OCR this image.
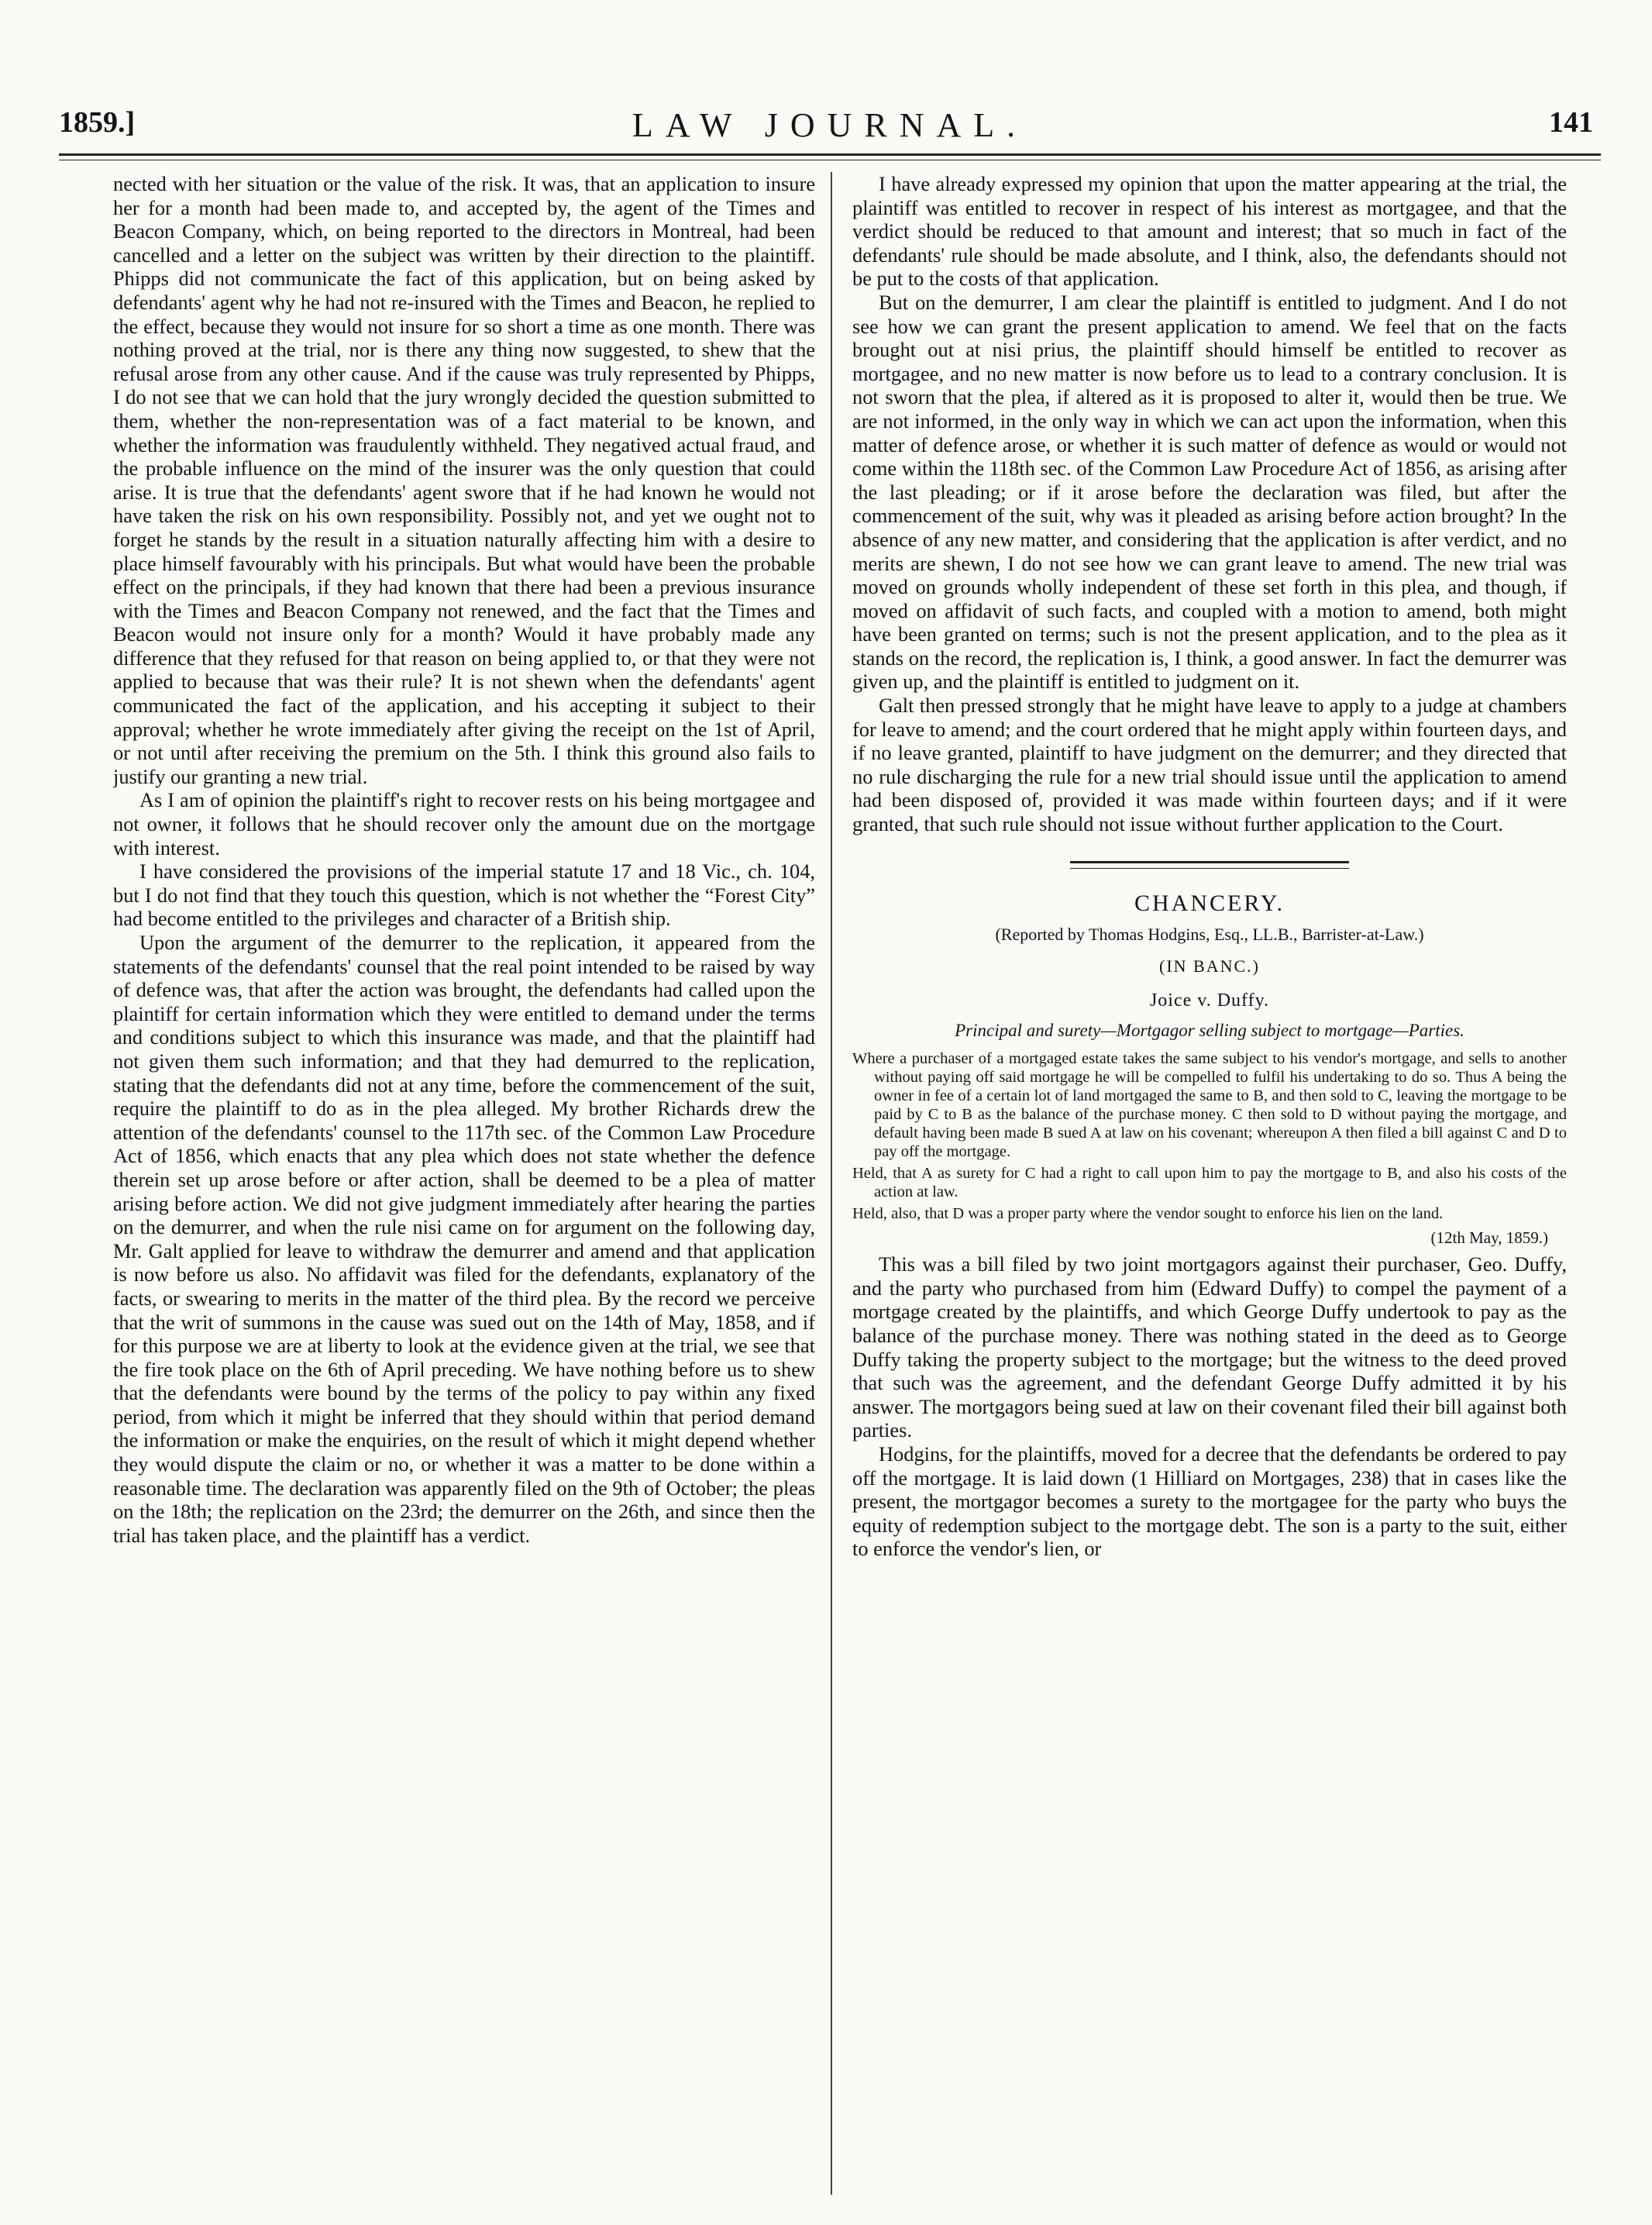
1859.]	LAW JOURNAL.	141

nected with her situation or the value of the risk. It was, that an application to insure her for a month had been made to, and accepted by, the agent of the Times and Beacon Company, which, on being reported to the directors in Montreal, had been cancelled and a letter on the subject was written by their direction to the plaintiff. Phipps did not communicate the fact of this application, but on being asked by defendants' agent why he had not re-insured with the Times and Beacon, he replied to the effect, because they would not insure for so short a time as one month. There was nothing proved at the trial, nor is there any thing now suggested, to shew that the refusal arose from any other cause. And if the cause was truly represented by Phipps, I do not see that we can hold that the jury wrongly decided the question submitted to them, whether the non-representation was of a fact material to be known, and whether the information was fraudulently withheld. They negatived actual fraud, and the probable influence on the mind of the insurer was the only question that could arise. It is true that the defendants' agent swore that if he had known he would not have taken the risk on his own responsibility. Possibly not, and yet we ought not to forget he stands by the result in a situation naturally affecting him with a desire to place himself favourably with his principals. But what would have been the probable effect on the principals, if they had known that there had been a previous insurance with the Times and Beacon Company not renewed, and the fact that the Times and Beacon would not insure only for a month? Would it have probably made any difference that they refused for that reason on being applied to, or that they were not applied to because that was their rule? It is not shewn when the defendants' agent communicated the fact of the application, and his accepting it subject to their approval; whether he wrote immediately after giving the receipt on the 1st of April, or not until after receiving the premium on the 5th. I think this ground also fails to justify our granting a new trial.

As I am of opinion the plaintiff's right to recover rests on his being mortgagee and not owner, it follows that he should recover only the amount due on the mortgage with interest.

I have considered the provisions of the imperial statute 17 and 18 Vic., ch. 104, but I do not find that they touch this question, which is not whether the “Forest City” had become entitled to the privileges and character of a British ship.

Upon the argument of the demurrer to the replication, it appeared from the statements of the defendants' counsel that the real point intended to be raised by way of defence was, that after the action was brought, the defendants had called upon the plaintiff for certain information which they were entitled to demand under the terms and conditions subject to which this insurance was made, and that the plaintiff had not given them such information; and that they had demurred to the replication, stating that the defendants did not at any time, before the commencement of the suit, require the plaintiff to do as in the plea alleged. My brother Richards drew the attention of the defendants' counsel to the 117th sec. of the Common Law Procedure Act of 1856, which enacts that any plea which does not state whether the defence therein set up arose before or after action, shall be deemed to be a plea of matter arising before action. We did not give judgment immediately after hearing the parties on the demurrer, and when the rule nisi came on for argument on the following day, Mr. Galt applied for leave to withdraw the demurrer and amend and that application is now before us also. No affidavit was filed for the defendants, explanatory of the facts, or swearing to merits in the matter of the third plea. By the record we perceive that the writ of summons in the cause was sued out on the 14th of May, 1858, and if for this purpose we are at liberty to look at the evidence given at the trial, we see that the fire took place on the 6th of April preceding. We have nothing before us to shew that the defendants were bound by the terms of the policy to pay within any fixed period, from which it might be inferred that they should within that period demand the information or make the enquiries, on the result of which it might depend whether they would dispute the claim or no, or whether it was a matter to be done within a reasonable time. The declaration was apparently filed on the 9th of October; the pleas on the 18th; the replication on the 23rd; the demurrer on the 26th, and since then the trial has taken place, and the plaintiff has a verdict.

I have already expressed my opinion that upon the matter appearing at the trial, the plaintiff was entitled to recover in respect of his interest as mortgagee, and that the verdict should be reduced to that amount and interest; that so much in fact of the defendants' rule should be made absolute, and I think, also, the defendants should not be put to the costs of that application.

But on the demurrer, I am clear the plaintiff is entitled to judgment. And I do not see how we can grant the present application to amend. We feel that on the facts brought out at nisi prius, the plaintiff should himself be entitled to recover as mortgagee, and no new matter is now before us to lead to a contrary conclusion. It is not sworn that the plea, if altered as it is proposed to alter it, would then be true. We are not informed, in the only way in which we can act upon the information, when this matter of defence arose, or whether it is such matter of defence as would or would not come within the 118th sec. of the Common Law Procedure Act of 1856, as arising after the last pleading; or if it arose before the declaration was filed, but after the commencement of the suit, why was it pleaded as arising before action brought? In the absence of any new matter, and considering that the application is after verdict, and no merits are shewn, I do not see how we can grant leave to amend. The new trial was moved on grounds wholly independent of these set forth in this plea, and though, if moved on affidavit of such facts, and coupled with a motion to amend, both might have been granted on terms; such is not the present application, and to the plea as it stands on the record, the replication is, I think, a good answer. In fact the demurrer was given up, and the plaintiff is entitled to judgment on it.

Galt then pressed strongly that he might have leave to apply to a judge at chambers for leave to amend; and the court ordered that he might apply within fourteen days, and if no leave granted, plaintiff to have judgment on the demurrer; and they directed that no rule discharging the rule for a new trial should issue until the application to amend had been disposed of, provided it was made within fourteen days; and if it were granted, that such rule should not issue without further application to the Court.

CHANCERY.
(Reported by Thomas Hodgins, Esq., LL.B., Barrister-at-Law.)
(IN BANC.)
Joice v. Duffy.
Principal and surety—Mortgagor selling subject to mortgage—Parties.
Where a purchaser of a mortgaged estate takes the same subject to his vendor's mortgage, and sells to another without paying off said mortgage he will be compelled to fulfil his undertaking to do so. Thus A being the owner in fee of a certain lot of land mortgaged the same to B, and then sold to C, leaving the mortgage to be paid by C to B as the balance of the purchase money. C then sold to D without paying the mortgage, and default having been made B sued A at law on his covenant; whereupon A then filed a bill against C and D to pay off the mortgage.
Held, that A as surety for C had a right to call upon him to pay the mortgage to B, and also his costs of the action at law.
Held, also, that D was a proper party where the vendor sought to enforce his lien on the land.
(12th May, 1859.)

This was a bill filed by two joint mortgagors against their purchaser, Geo. Duffy, and the party who purchased from him (Edward Duffy) to compel the payment of a mortgage created by the plaintiffs, and which George Duffy undertook to pay as the balance of the purchase money. There was nothing stated in the deed as to George Duffy taking the property subject to the mortgage; but the witness to the deed proved that such was the agreement, and the defendant George Duffy admitted it by his answer. The mortgagors being sued at law on their covenant filed their bill against both parties.

Hodgins, for the plaintiffs, moved for a decree that the defendants be ordered to pay off the mortgage. It is laid down (1 Hilliard on Mortgages, 238) that in cases like the present, the mortgagor becomes a surety to the mortgagee for the party who buys the equity of redemption subject to the mortgage debt. The son is a party to the suit, either to enforce the vendor's lien, or
